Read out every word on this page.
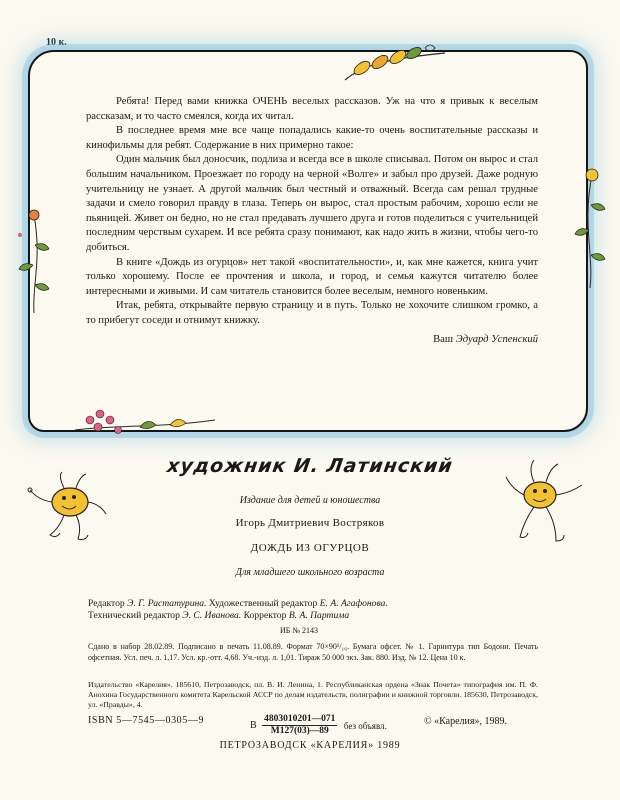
10 к.

Ребята! Перед вами книжка ОЧЕНЬ веселых рассказов. Уж на что я привык к веселым рассказам, и то часто смеялся, когда их читал.

В последнее время мне все чаще попадались какие-то очень воспитательные рассказы и кинофильмы для ребят. Содержание в них примерно такое:

Один мальчик был доносчик, подлиза и всегда все в школе списывал. Потом он вырос и стал большим начальником. Проезжает по городу на черной «Волге» и забыл про друзей. Даже родную учительницу не узнает. А другой мальчик был честный и отважный. Всегда сам решал трудные задачи и смело говорил правду в глаза. Теперь он вырос, стал простым рабочим, хорошо если не пьяницей. Живет он бедно, но не стал предавать лучшего друга и готов поделиться с учительницей последним черствым сухарем. И все ребята сразу понимают, как надо жить в жизни, чтобы чего-то добиться.

В книге «Дождь из огурцов» нет такой «воспитательности», и, как мне кажется, книга учит только хорошему. После ее прочтения и школа, и город, и семья кажутся читателю более интересными и живыми. И сам читатель становится более веселым, немного новеньким.

Итак, ребята, открывайте первую страницу и в путь. Только не хохочите слишком громко, а то прибегут соседи и отнимут книжку.

Ваш Эдуард Успенский

художник И. Латинский
Издание для детей и юношества
Игорь Дмитриевич Востряков
ДОЖДЬ ИЗ ОГУРЦОВ
Для младшего школьного возраста
Редактор Э. Г. Растатурина. Художественный редактор Е. А. Агафонова.
Технический редактор Э. С. Иванова. Корректор В. А. Партима
ИБ № 2143
Сдано в набор 28.02.89. Подписано в печать 11.08.89. Формат 70×90¹/₁₆. Бумага офсет. № 1. Гарнитура тип Бодони. Печать офсетная. Усл. печ. л. 1,17. Усл. кр.-отт. 4,68. Уч.-изд. л. 1,01. Тираж 50 000 экз. Зак. 880. Изд. № 12. Цена 10 к.
Издательство «Карелия». 185610, Петрозаводск, пл. В. И. Ленина, 1. Республиканская ордена «Знак Почета» типография им. П. Ф. Анохина Государственного комитета Карельской АССР по делам издательств, полиграфии и книжной торговли. 185630, Петрозаводск, ул. «Правды», 4.
ISBN 5—7545—0305—9	В $\frac{4803010201—071}{М127(03)—89}$ без объявл.	© «Карелия», 1989.
ПЕТРОЗАВОДСК «КАРЕЛИЯ» 1989
